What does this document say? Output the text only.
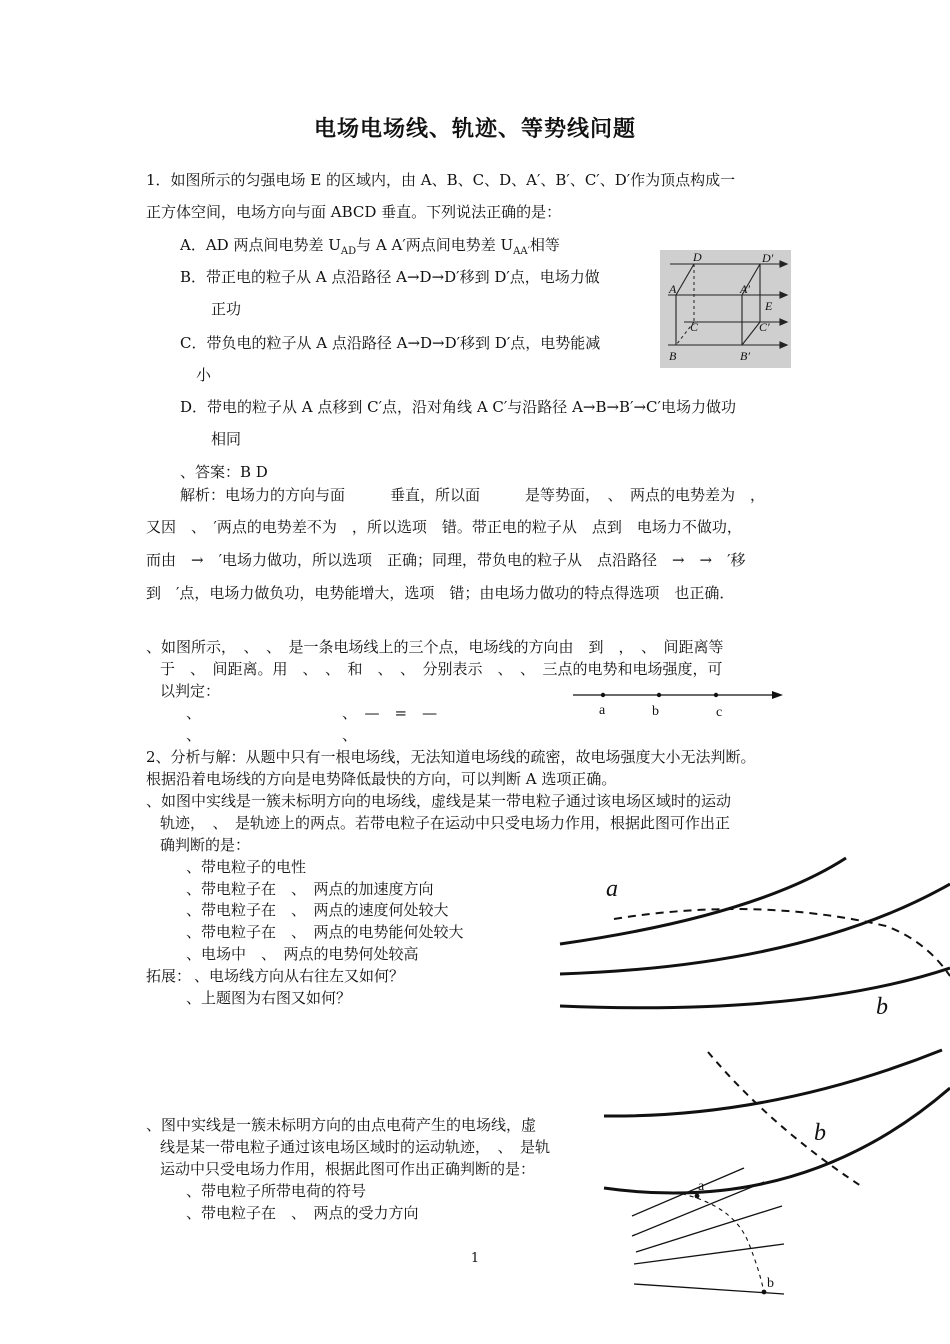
电场电场线、轨迹、等势线问题
1．如图所示的匀强电场 E 的区域内，由 A、B、C、D、A′、B′、C′、D′作为顶点构成一
正方体空间，电场方向与面 ABCD 垂直。下列说法正确的是：
A．AD 两点间电势差 $U_{AD}$与 A A′两点间电势差 $U_{AA'}$相等
B．带正电的粒子从 A 点沿路径 A→D→D′移到 D′点，电场力做
正功
C．带负电的粒子从 A 点沿路径 A→D→D′移到 D′点，电势能减
小
D．带电的粒子从 A 点移到 C′点，沿对角线 A C′与沿路径 A→B→B′→C′电场力做功
相同
、答案：B D
解析：电场力的方向与面　　　垂直，所以面　　　是等势面，　、　两点的电势差为　，
又因　、　′两点的电势差不为　，所以选项　错。带正电的粒子从　点到　电场力不做功，
而由　→　′电场力做功，所以选项　正确；同理，带负电的粒子从　点沿路径　→　→　′移
到　′点，电场力做负功，电势能增大，选项　错；由电场力做功的特点得选项　也正确．
D	D′
A	A′
E
C	C′
B	B′
、如图所示，　、　、　是一条电场线上的三个点，电场线的方向由　到　，　、　间距离等
于　、　间距离。用　、　、　和　、　、　分别表示　、　、　三点的电势和电场强度，可
以判定：
、	、　—　=　—
、	、
a	b	c
2、分析与解：从题中只有一根电场线，无法知道电场线的疏密，故电场强度大小无法判断。
根据沿着电场线的方向是电势降低最快的方向，可以判断 A 选项正确。
、如图中实线是一簇未标明方向的电场线，虚线是某一带电粒子通过该电场区域时的运动
轨迹，　、　是轨迹上的两点。若带电粒子在运动中只受电场力作用，根据此图可作出正
确判断的是：
、带电粒子的电性
、带电粒子在　、　两点的加速度方向
、带电粒子在　、　两点的速度何处较大
、带电粒子在　、　两点的电势能何处较大
、电场中　、　两点的电势何处较高
拓展： 、电场线方向从右往左又如何？
、上题图为右图又如何？
a
b
b
、图中实线是一簇未标明方向的由点电荷产生的电场线，虚
线是某一带电粒子通过该电场区域时的运动轨迹，　、　是轨
运动中只受电场力作用，根据此图可作出正确判断的是：
、带电粒子所带电荷的符号
、带电粒子在　、　两点的受力方向
a
b
1
